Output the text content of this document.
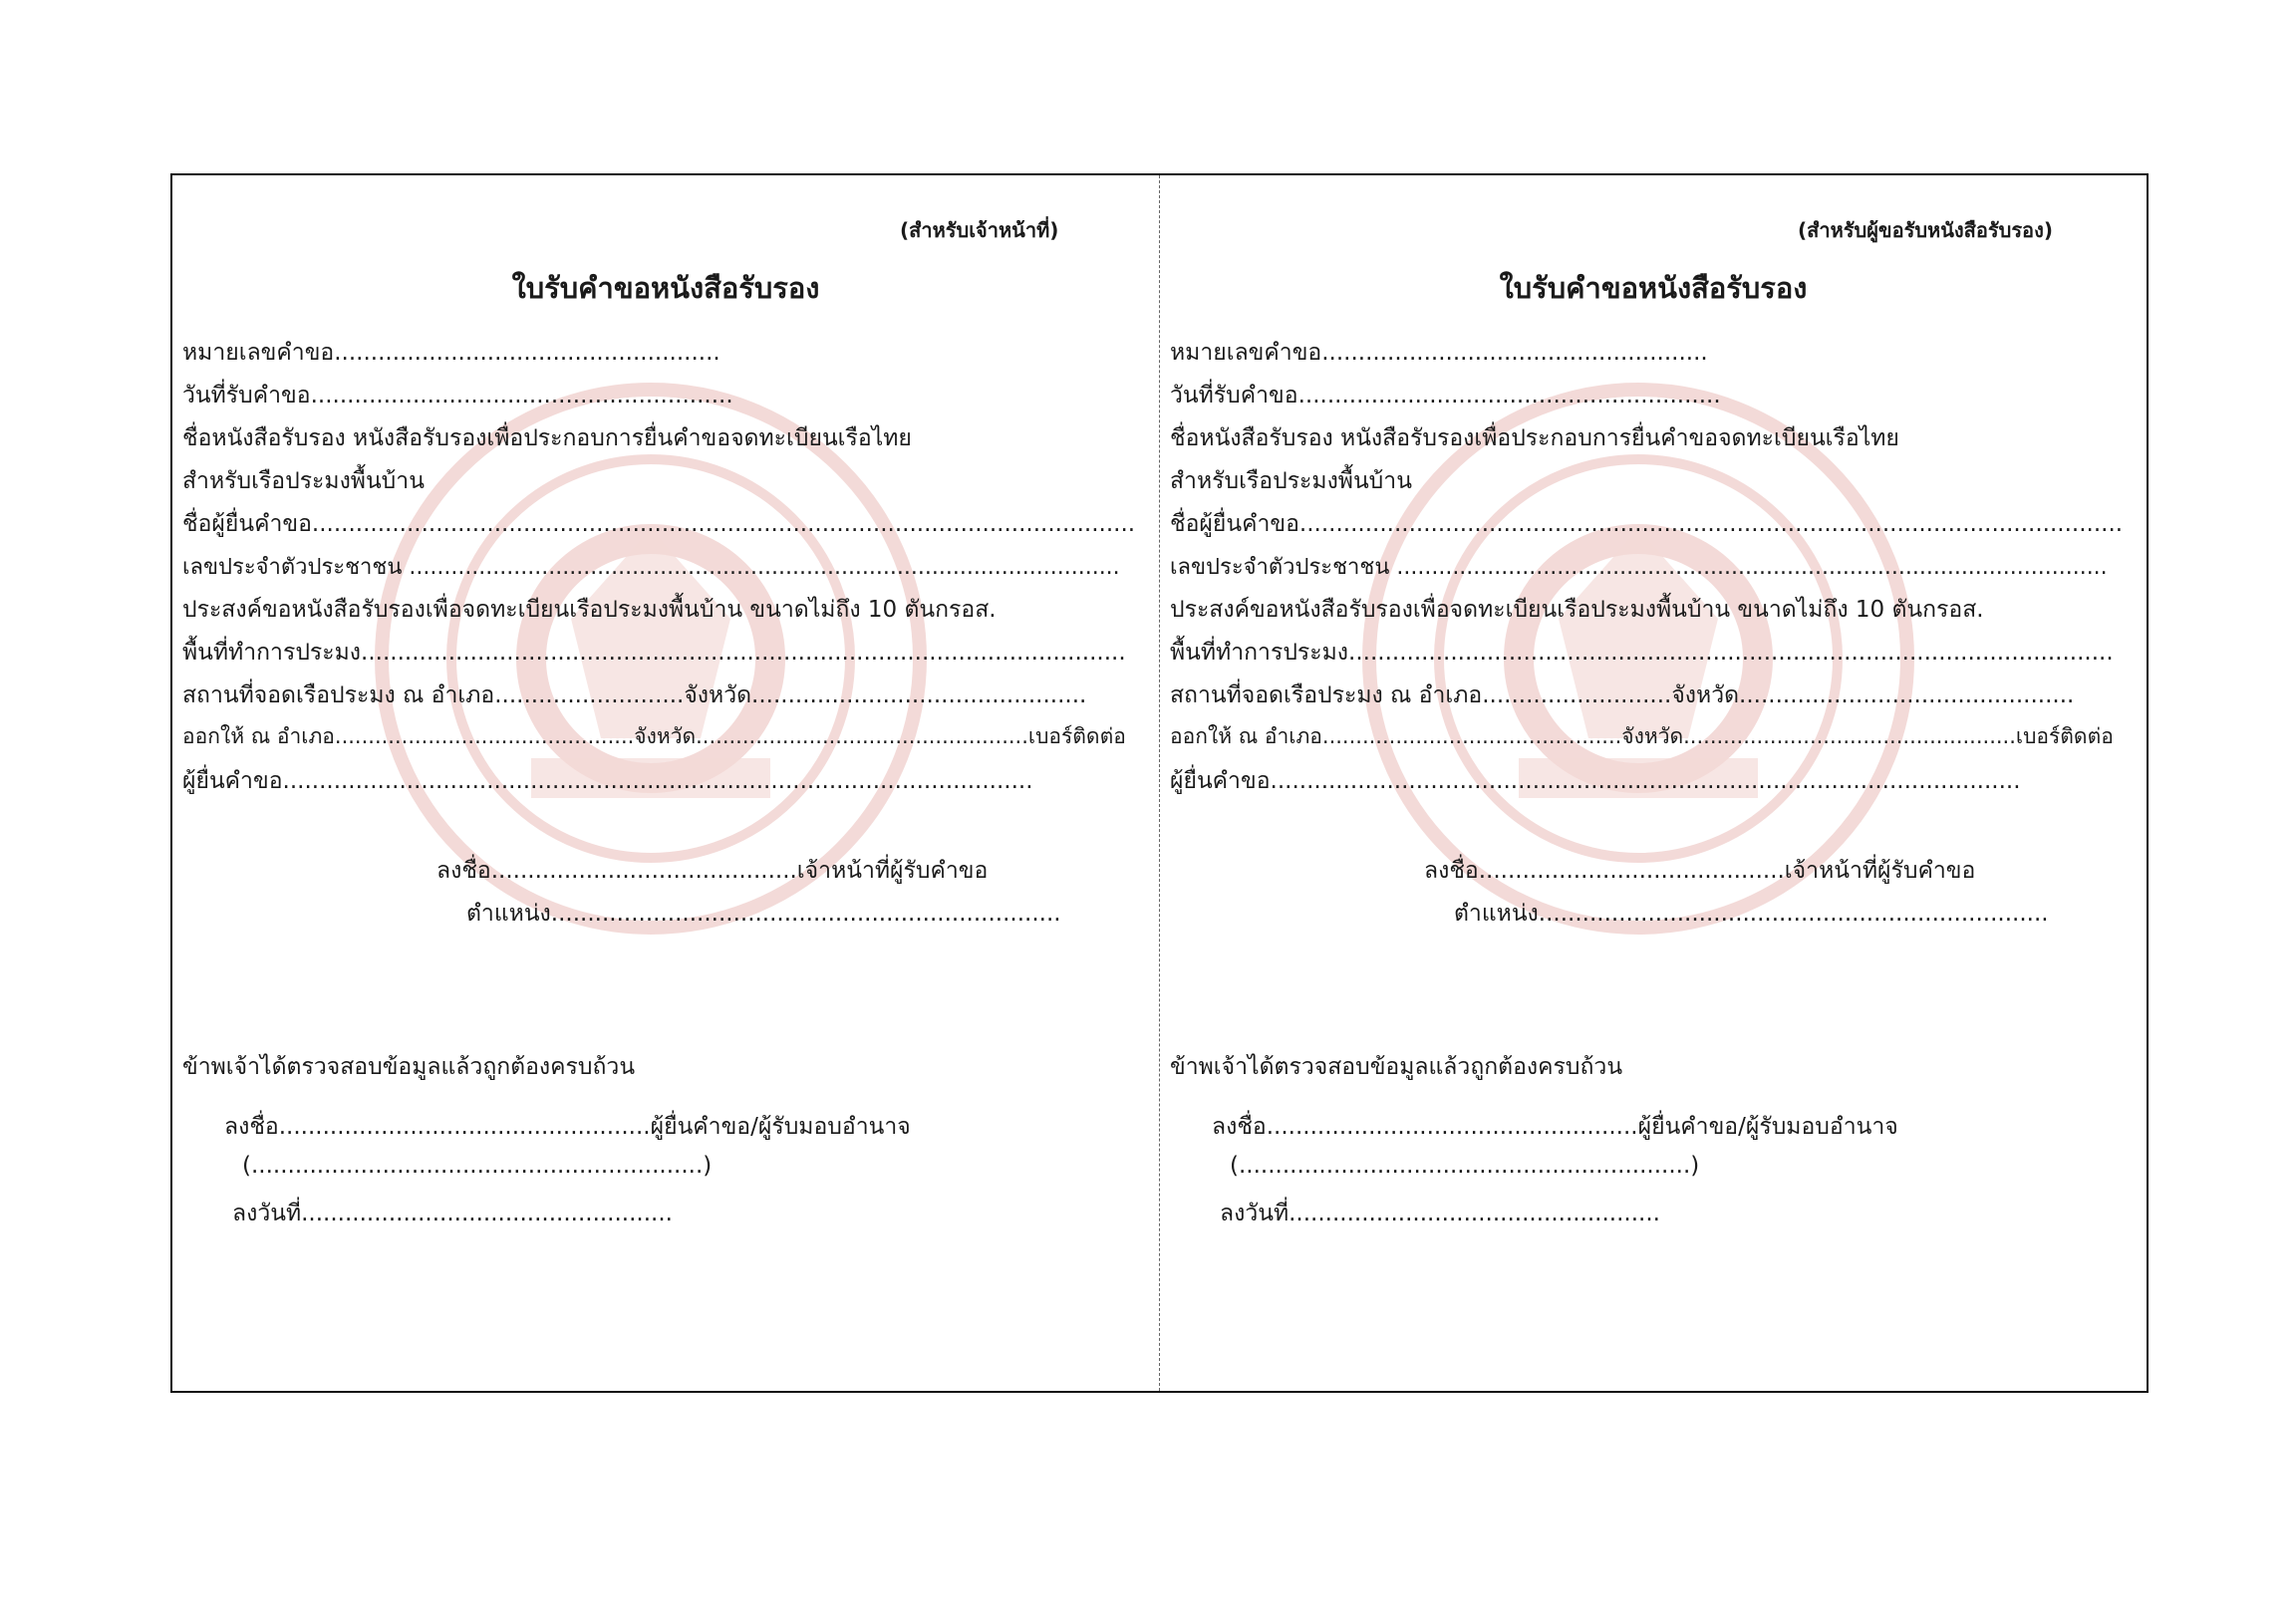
(สำหรับเจ้าหน้าที่)
ใบรับคำขอหนังสือรับรอง
หมายเลขคำขอ.....................................................
วันที่รับคำขอ..........................................................
ชื่อหนังสือรับรอง หนังสือรับรองเพื่อประกอบการยื่นคำขอจดทะเบียนเรือไทย
สำหรับเรือประมงพื้นบ้าน
ชื่อผู้ยื่นคำขอ.................................................................................................................
เลขประจำตัวประชาชน ......................................................................................................
ประสงค์ขอหนังสือรับรองเพื่อจดทะเบียนเรือประมงพื้นบ้าน ขนาดไม่ถึง 10 ตันกรอส.
พื้นที่ทำการประมง.........................................................................................................
สถานที่จอดเรือประมง ณ อำเภอ..........................จังหวัด..............................................
ออกให้ ณ อำเภอ.............................................จังหวัด..................................................เบอร์ติดต่อ
ผู้ยื่นคำขอ.......................................................................................................
ลงชื่อ..........................................เจ้าหน้าที่ผู้รับคำขอ
ตำแหน่ง......................................................................
ข้าพเจ้าได้ตรวจสอบข้อมูลแล้วถูกต้องครบถ้วน
ลงชื่อ...................................................ผู้ยื่นคำขอ/ผู้รับมอบอำนาจ
(..............................................................)
ลงวันที่...................................................
(สำหรับผู้ขอรับหนังสือรับรอง)
ใบรับคำขอหนังสือรับรอง
หมายเลขคำขอ.....................................................
วันที่รับคำขอ..........................................................
ชื่อหนังสือรับรอง หนังสือรับรองเพื่อประกอบการยื่นคำขอจดทะเบียนเรือไทย
สำหรับเรือประมงพื้นบ้าน
ชื่อผู้ยื่นคำขอ.................................................................................................................
เลขประจำตัวประชาชน ......................................................................................................
ประสงค์ขอหนังสือรับรองเพื่อจดทะเบียนเรือประมงพื้นบ้าน ขนาดไม่ถึง 10 ตันกรอส.
พื้นที่ทำการประมง.........................................................................................................
สถานที่จอดเรือประมง ณ อำเภอ..........................จังหวัด..............................................
ออกให้ ณ อำเภอ.............................................จังหวัด..................................................เบอร์ติดต่อ
ผู้ยื่นคำขอ.......................................................................................................
ลงชื่อ..........................................เจ้าหน้าที่ผู้รับคำขอ
ตำแหน่ง......................................................................
ข้าพเจ้าได้ตรวจสอบข้อมูลแล้วถูกต้องครบถ้วน
ลงชื่อ...................................................ผู้ยื่นคำขอ/ผู้รับมอบอำนาจ
(..............................................................)
ลงวันที่...................................................
